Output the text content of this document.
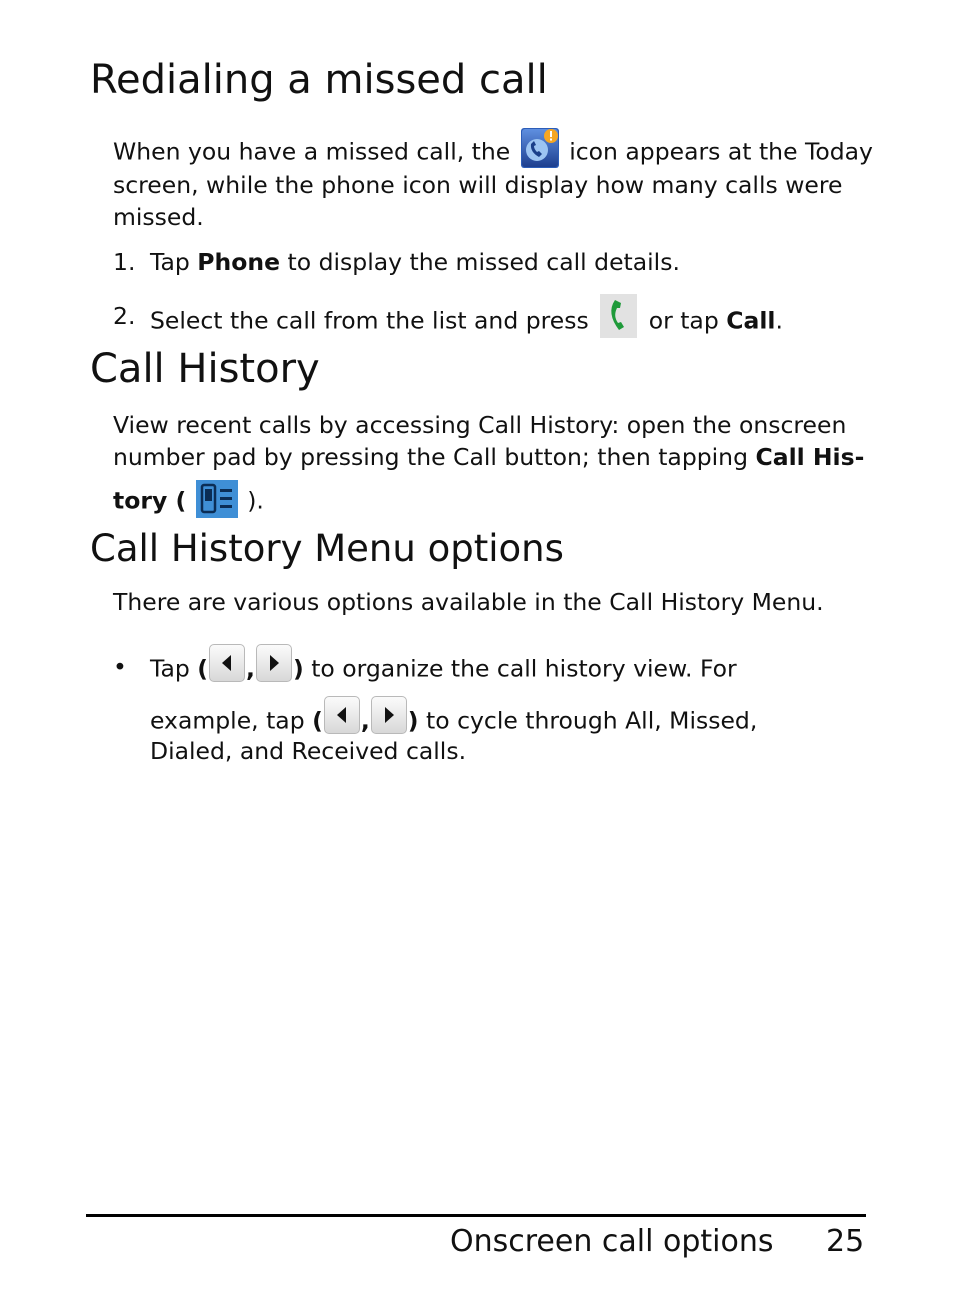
Redialing a missed call
When you have a missed call, the	icon appears at the Today
screen, while the phone icon will display how many calls were
missed.
1. Tap Phone to display the missed call details.
2. Select the call from the list and press	or tap Call.
Call History
View recent calls by accessing Call History: open the onscreen
number pad by pressing the Call button; then tapping Call His-
tory (	).
Call History Menu options
There are various options available in the Call History Menu.
• Tap ( , ) to organize the call history view. For
example, tap ( , ) to cycle through All, Missed,
Dialed, and Received calls.
Onscreen call options 25
